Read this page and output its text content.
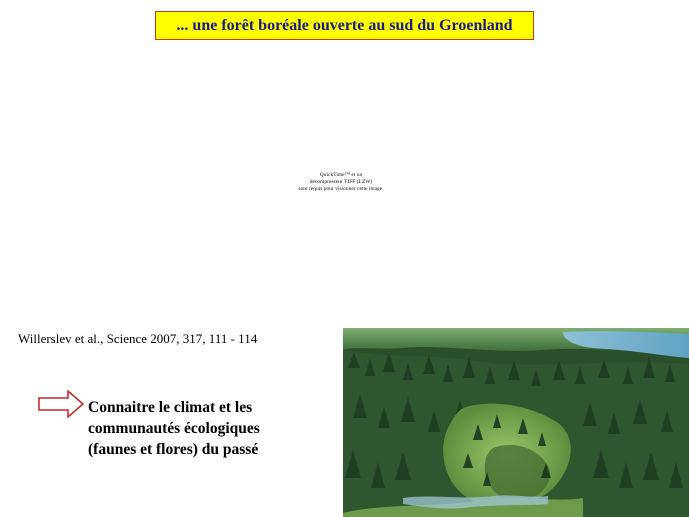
... une forêt boréale ouverte au sud du Groenland
QuickTime™ et un
décompresseur TIFF (LZW)
sont requis pour visionner cette image.
Willerslev et al., Science 2007, 317, 111 - 114
Connaitre le climat et les
communautés écologiques
(faunes et flores) du passé
